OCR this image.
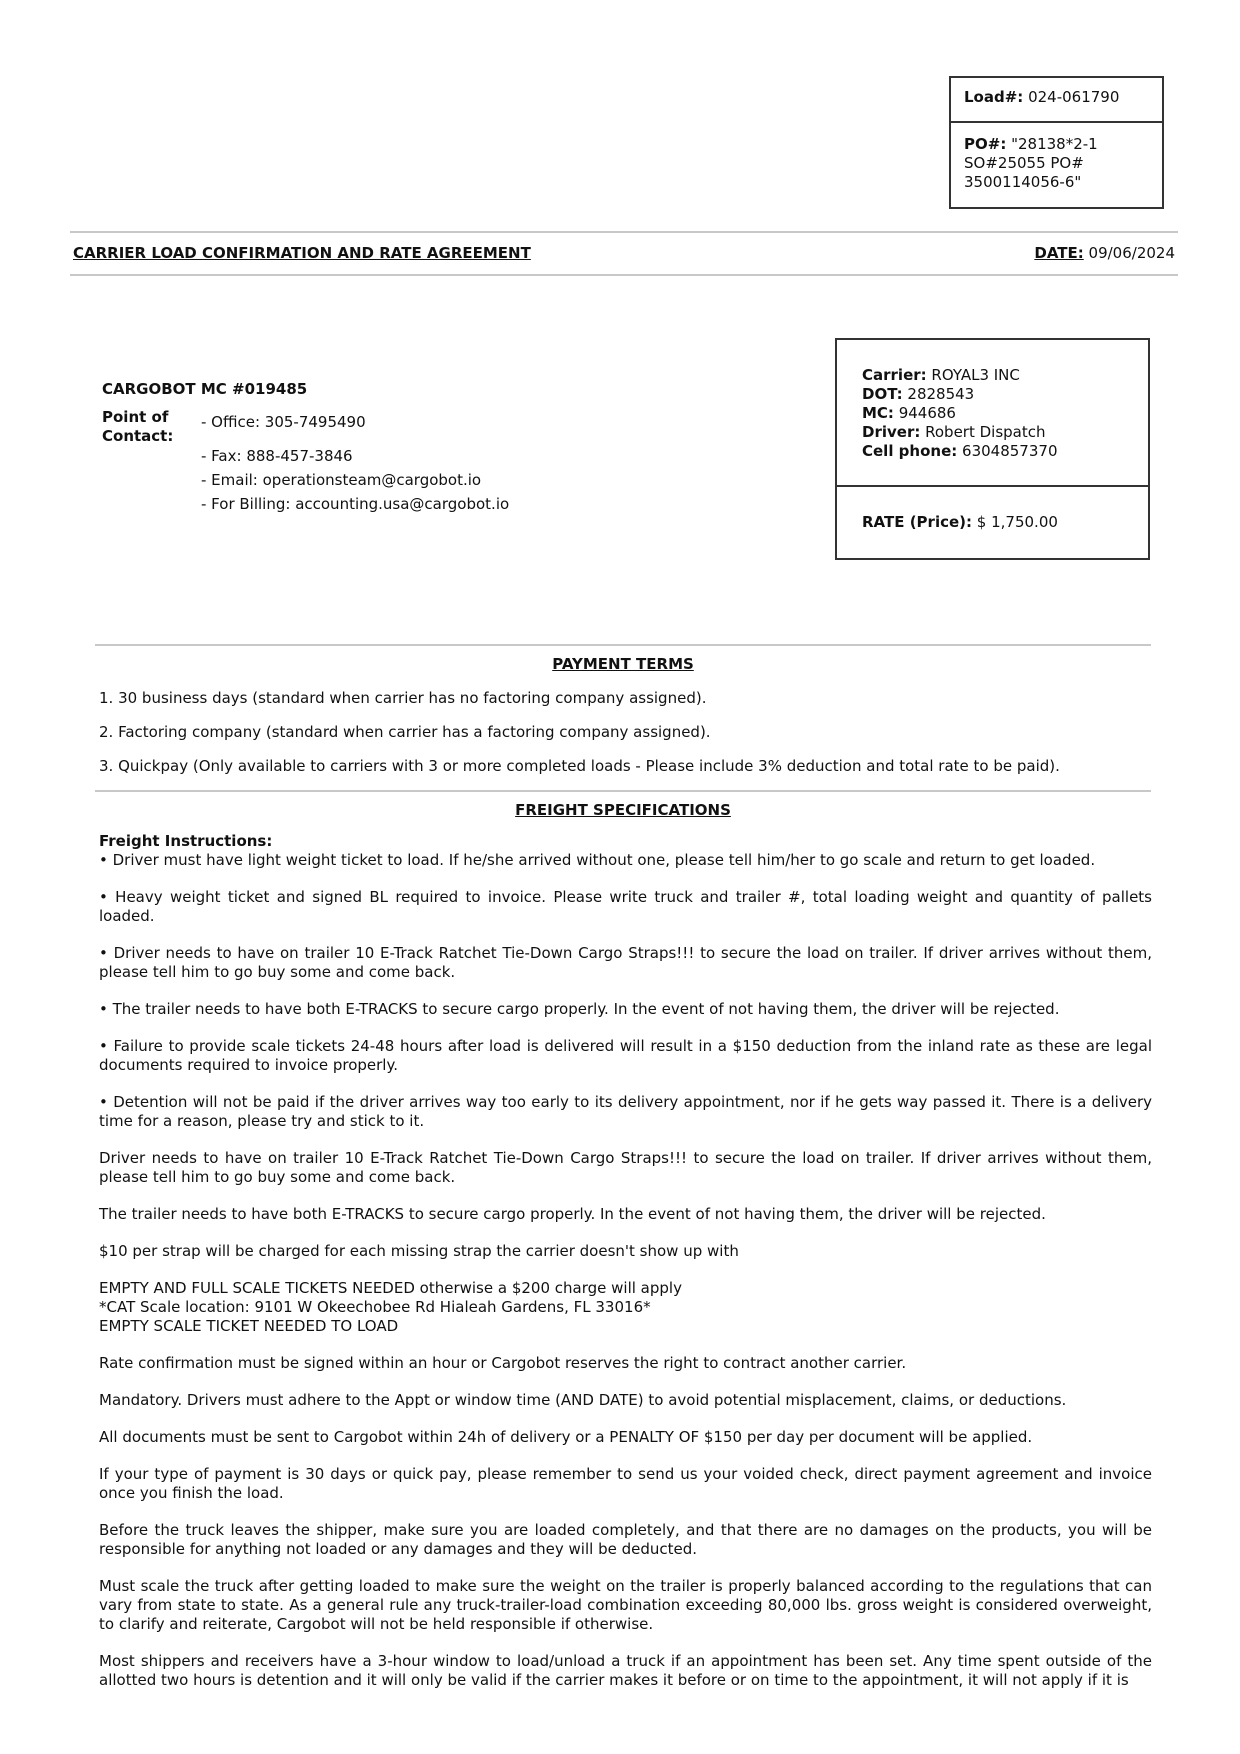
Load#: 024-061790
PO#: "28138*2-1
SO#25055 PO#
3500114056-6"
CARRIER LOAD CONFIRMATION AND RATE AGREEMENT	DATE: 09/06/2024
CARGOBOT MC #019485
Point of
Contact:
- Office: 305-7495490
- Fax: 888-457-3846
- Email: operationsteam@cargobot.io
- For Billing: accounting.usa@cargobot.io
Carrier: ROYAL3 INC
DOT: 2828543
MC: 944686
Driver: Robert Dispatch
Cell phone: 6304857370
RATE (Price): $ 1,750.00
PAYMENT TERMS

1. 30 business days (standard when carrier has no factoring company assigned).

2. Factoring company (standard when carrier has a factoring company assigned).

3. Quickpay (Only available to carriers with 3 or more completed loads - Please include 3% deduction and total rate to be paid).

FREIGHT SPECIFICATIONS
Freight Instructions:
• Driver must have light weight ticket to load. If he/she arrived without one, please tell him/her to go scale and return to get loaded.
• Heavy weight ticket and signed BL required to invoice. Please write truck and trailer #, total loading weight and quantity of pallets loaded.
• Driver needs to have on trailer 10 E-Track Ratchet Tie-Down Cargo Straps!!! to secure the load on trailer. If driver arrives without them, please tell him to go buy some and come back.
• The trailer needs to have both E-TRACKS to secure cargo properly. In the event of not having them, the driver will be rejected.
• Failure to provide scale tickets 24-48 hours after load is delivered will result in a $150 deduction from the inland rate as these are legal documents required to invoice properly.
• Detention will not be paid if the driver arrives way too early to its delivery appointment, nor if he gets way passed it. There is a delivery time for a reason, please try and stick to it.
Driver needs to have on trailer 10 E-Track Ratchet Tie-Down Cargo Straps!!! to secure the load on trailer. If driver arrives without them, please tell him to go buy some and come back.
The trailer needs to have both E-TRACKS to secure cargo properly. In the event of not having them, the driver will be rejected.
$10 per strap will be charged for each missing strap the carrier doesn't show up with
EMPTY AND FULL SCALE TICKETS NEEDED otherwise a $200 charge will apply
*CAT Scale location: 9101 W Okeechobee Rd Hialeah Gardens, FL 33016*
EMPTY SCALE TICKET NEEDED TO LOAD
Rate confirmation must be signed within an hour or Cargobot reserves the right to contract another carrier.
Mandatory. Drivers must adhere to the Appt or window time (AND DATE) to avoid potential misplacement, claims, or deductions.
All documents must be sent to Cargobot within 24h of delivery or a PENALTY OF $150 per day per document will be applied.
If your type of payment is 30 days or quick pay, please remember to send us your voided check, direct payment agreement and invoice once you finish the load.
Before the truck leaves the shipper, make sure you are loaded completely, and that there are no damages on the products, you will be responsible for anything not loaded or any damages and they will be deducted.
Must scale the truck after getting loaded to make sure the weight on the trailer is properly balanced according to the regulations that can vary from state to state. As a general rule any truck-trailer-load combination exceeding 80,000 lbs. gross weight is considered overweight, to clarify and reiterate, Cargobot will not be held responsible if otherwise.
Most shippers and receivers have a 3-hour window to load/unload a truck if an appointment has been set. Any time spent outside of the allotted two hours is detention and it will only be valid if the carrier makes it before or on time to the appointment, it will not apply if it is
